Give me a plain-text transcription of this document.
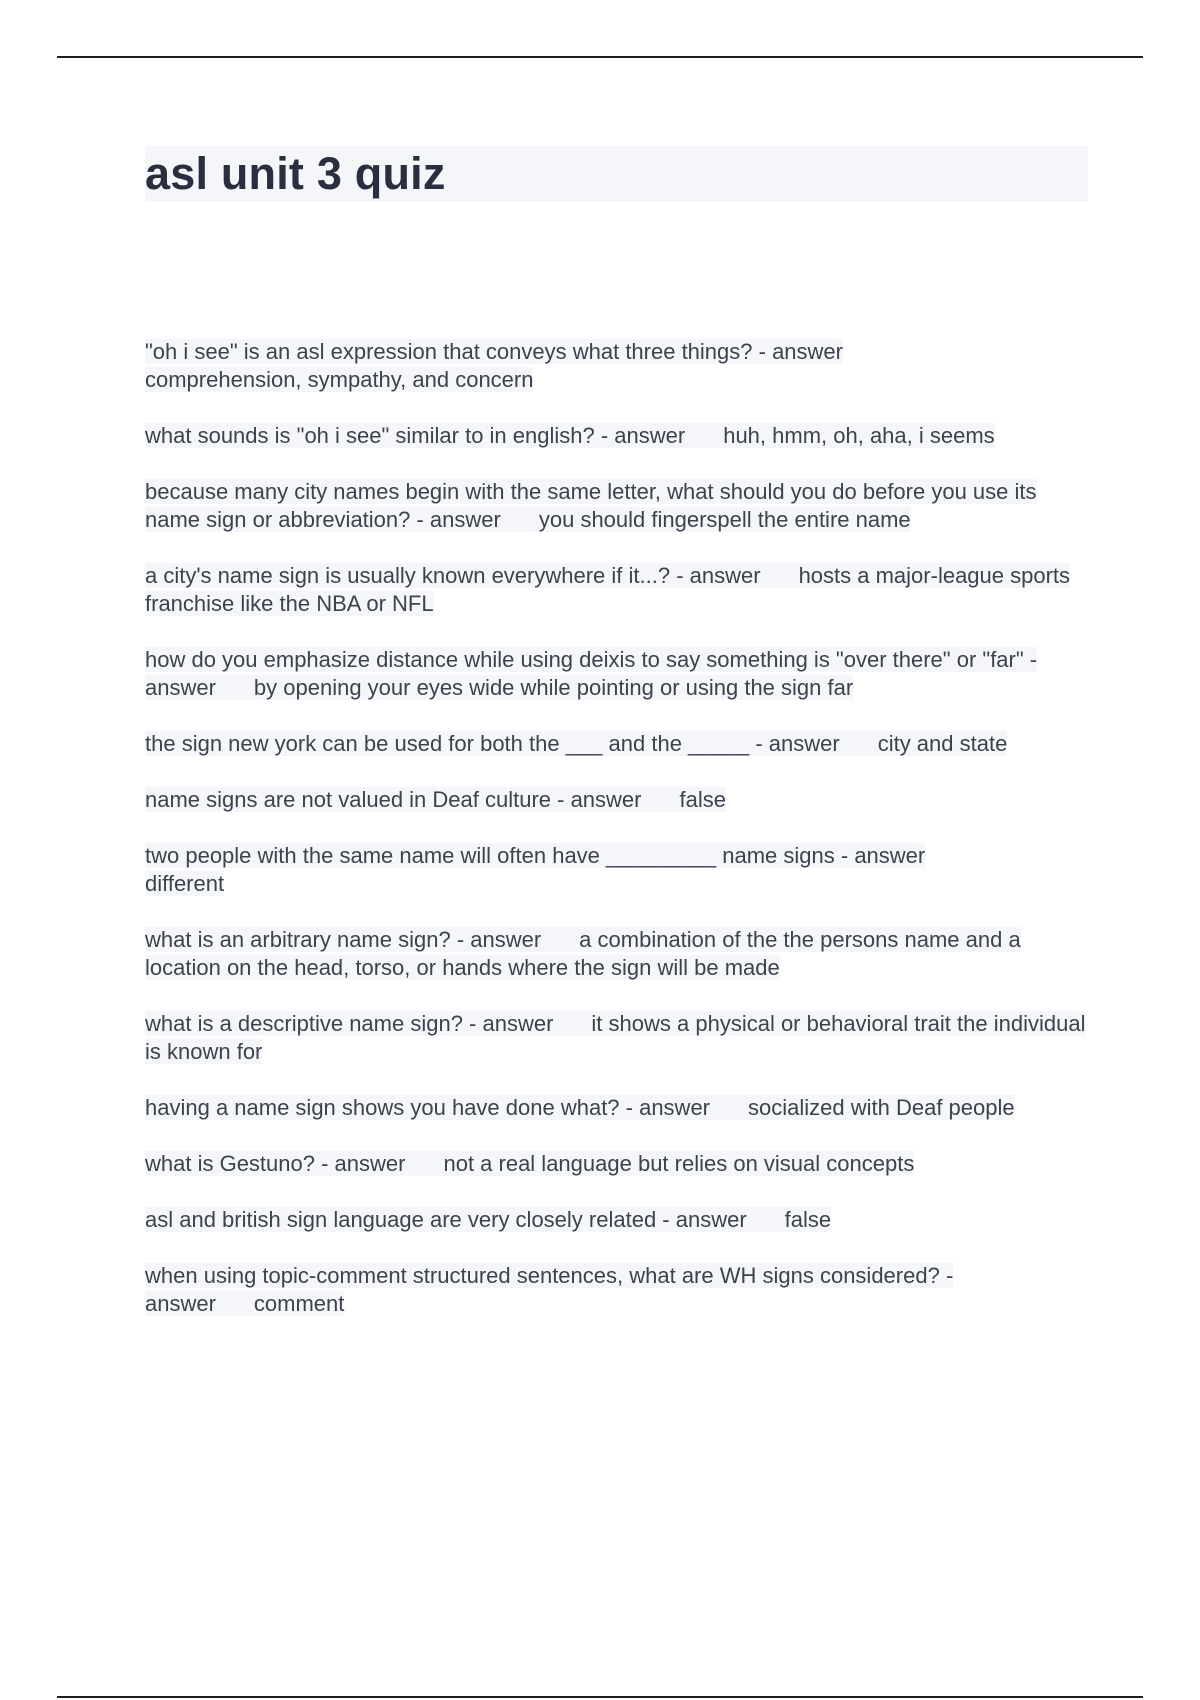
asl unit 3 quiz
"oh i see" is an asl expression that conveys what three things? - answer
comprehension, sympathy, and concern
what sounds is "oh i see" similar to in english? - answer huh, hmm, oh, aha, i seems
because many city names begin with the same letter, what should you do before you use its name sign or abbreviation? - answer you should fingerspell the entire name
a city's name sign is usually known everywhere if it...? - answer hosts a major-league sports franchise like the NBA or NFL
how do you emphasize distance while using deixis to say something is "over there" or "far" - answer by opening your eyes wide while pointing or using the sign far
the sign new york can be used for both the ___ and the _____ - answer city and state
name signs are not valued in Deaf culture - answer false
two people with the same name will often have _________ name signs - answer
different
what is an arbitrary name sign? - answer a combination of the the persons name and a location on the head, torso, or hands where the sign will be made
what is a descriptive name sign? - answer it shows a physical or behavioral trait the individual is known for
having a name sign shows you have done what? - answer socialized with Deaf people
what is Gestuno? - answer not a real language but relies on visual concepts
asl and british sign language are very closely related - answer false
when using topic-comment structured sentences, what are WH signs considered? - answer comment
